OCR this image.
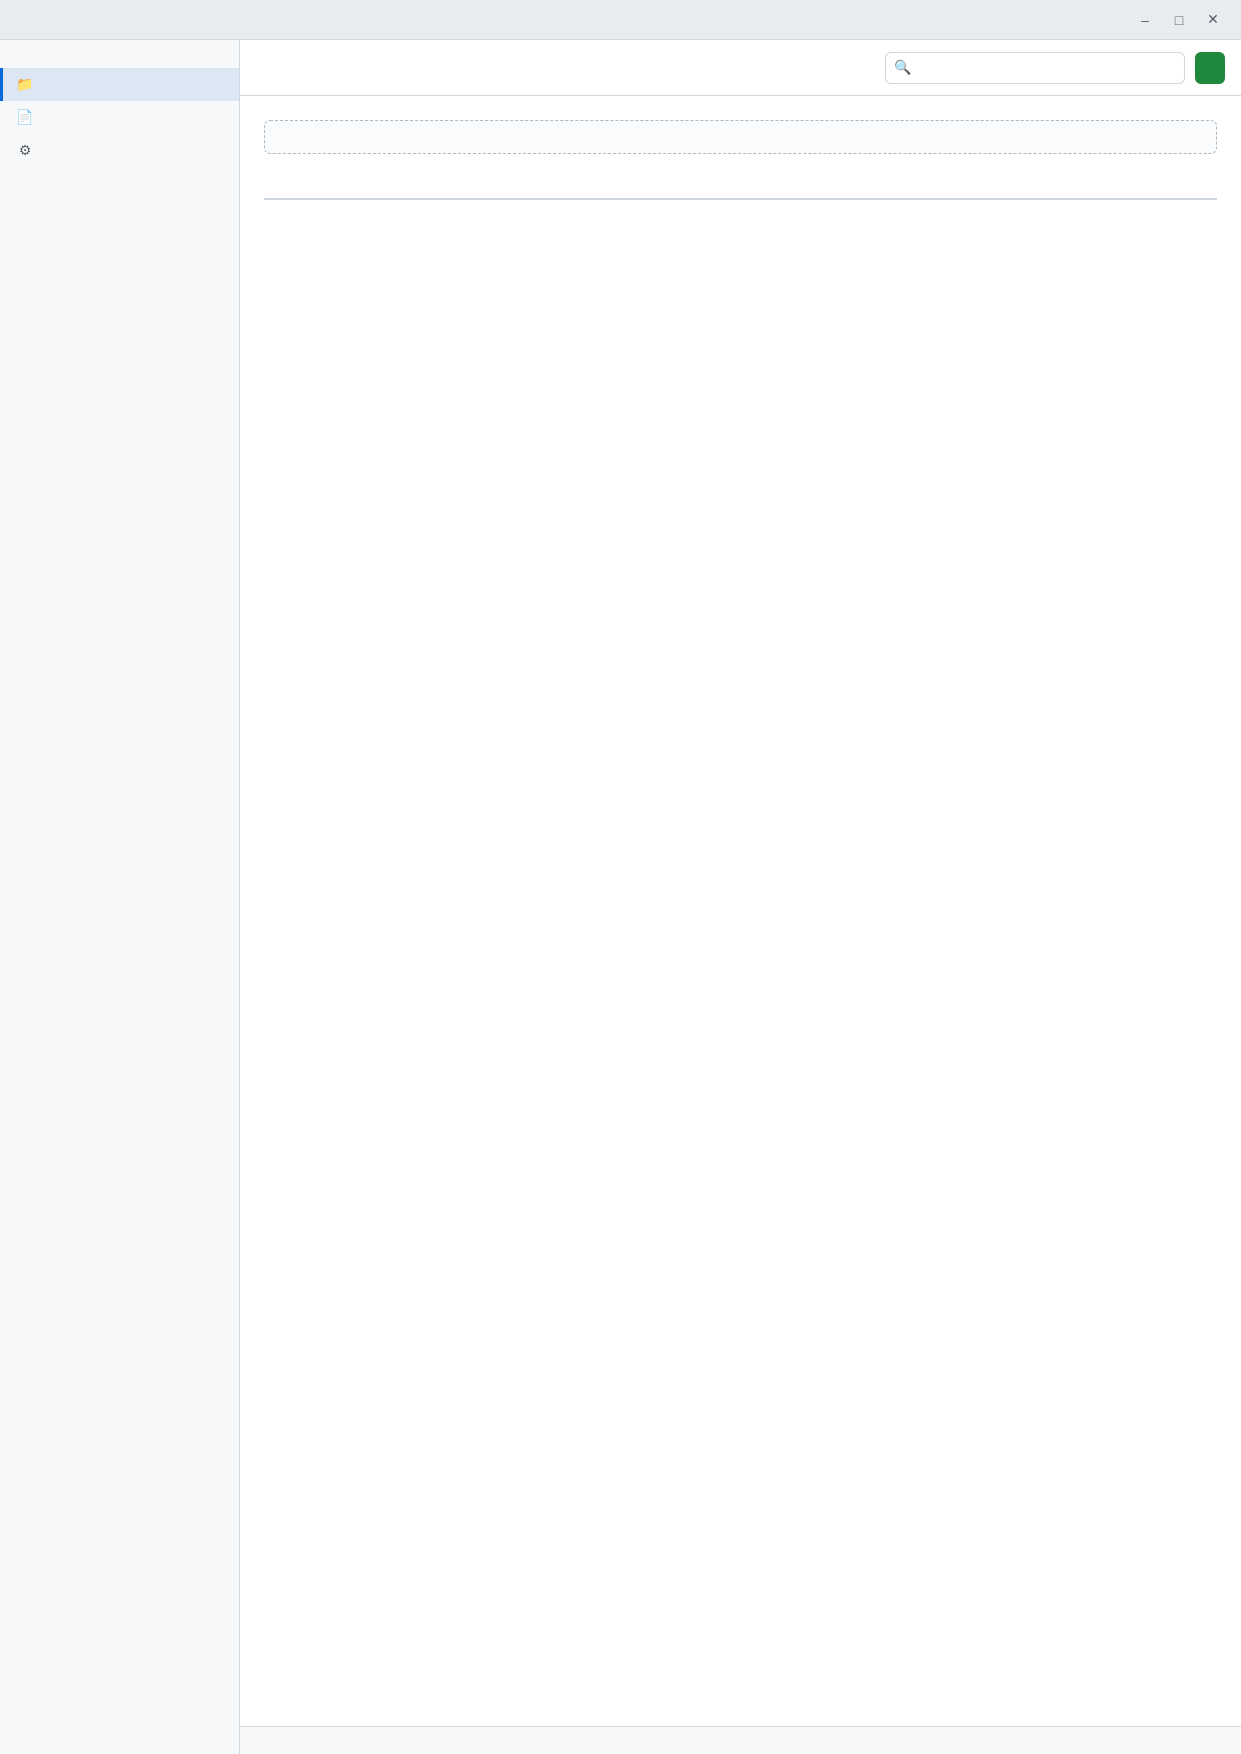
–	□	✕
📁
📄
⚙
🔍
